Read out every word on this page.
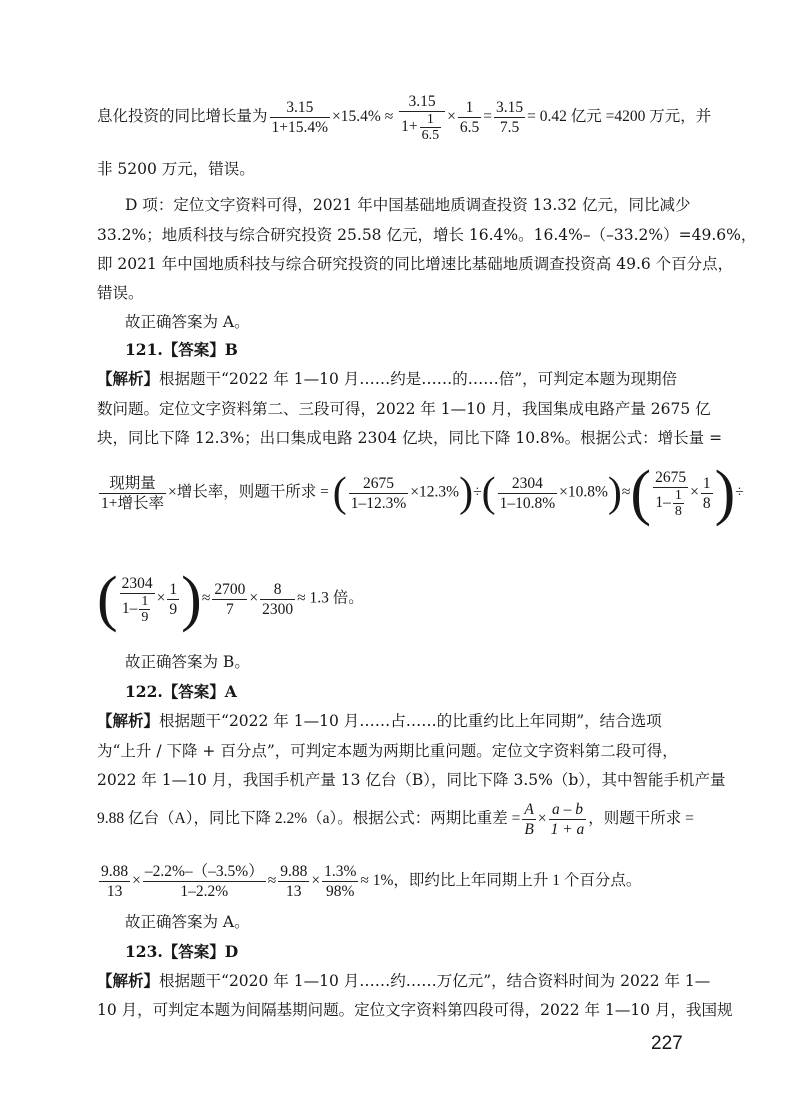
息化投资的同比增长量为 $\frac{3.15}{1+15.4\%} \times 15.4\% \approx \frac{3.15}{1+ \frac{1}{6.5}} \times \frac{1}{6.5} = \frac{3.15}{7.5} = 0.42$ 亿元 =4200 万元，并
非 5200 万元，错误。
D 项：定位文字资料可得，2021 年中国基础地质调查投资 13.32 亿元，同比减少
33.2%；地质科技与综合研究投资 25.58 亿元，增长 16.4%。16.4%–（–33.2%）=49.6%，
即 2021 年中国地质科技与综合研究投资的同比增速比基础地质调查投资高 49.6 个百分点，
错误。
故正确答案为 A。
121.【答案】B
【解析】根据题干“2022 年 1—10 月……约是……的……倍”，可判定本题为现期倍
数问题。定位文字资料第二、三段可得，2022 年 1—10 月，我国集成电路产量 2675 亿
块，同比下降 12.3%；出口集成电路 2304 亿块，同比下降 10.8%。根据公式：增长量 =
$\frac{\text{现期量}}{\text{1+增长率}}$ ×增长率，则题干所求 = ( $\frac{2675}{1-12.3\%} \times 12.3\%)\div( \frac{2304}{1-10.8\%} \times 10.8\%)\approx( \frac{2675}{1- \frac{1}{8}} \times \frac{1}{8}$ )÷
( $\frac{2304}{1- \frac{1}{9}} \times \frac{1}{9}$ )≈ $\frac{2700}{7} \times \frac{8}{2300} \approx 1.3$ 倍。
故正确答案为 B。
122.【答案】A
【解析】根据题干“2022 年 1—10 月……占……的比重约比上年同期”，结合选项
为“上升 / 下降 + 百分点”，可判定本题为两期比重问题。定位文字资料第二段可得，
2022 年 1—10 月，我国手机产量 13 亿台（B），同比下降 3.5%（b），其中智能手机产量
9.88 亿台（A），同比下降 2.2%（a）。根据公式：两期比重差 = $\frac{A}{B} \times \frac{a - b}{1 + a}$ ，则题干所求 =
$\frac{9.88}{13} \times \frac{-2.2\%-(-3.5\%)}{1-2.2\%} \approx \frac{9.88}{13} \times \frac{1.3\%}{98\%} \approx 1\%$，即约比上年同期上升 1 个百分点。
故正确答案为 A。
123.【答案】D
【解析】根据题干“2020 年 1—10 月……约……万亿元”，结合资料时间为 2022 年 1—
10 月，可判定本题为间隔基期问题。定位文字资料第四段可得，2022 年 1—10 月，我国规
227
